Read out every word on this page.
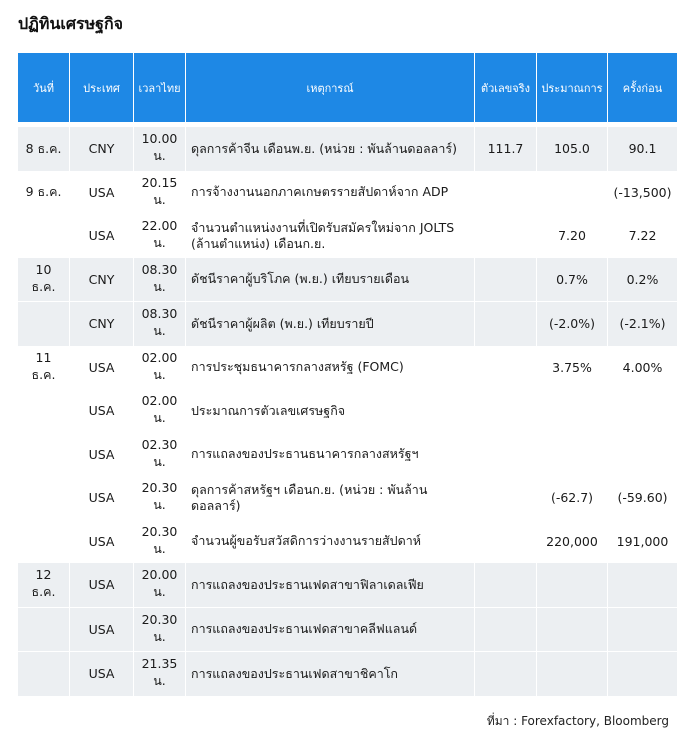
ปฏิทินเศรษฐกิจ
วันที่	ประเทศ	เวลาไทย	เหตุการณ์	ตัวเลขจริง	ประมาณการ	ครั้งก่อน

8 ธ.ค.	CNY	10.00 น.	ดุลการค้าจีน เดือนพ.ย. (หน่วย : พันล้านดอลลาร์)	111.7	105.0	90.1
9 ธ.ค.	USA	20.15 น.	การจ้างงานนอกภาคเกษตรรายสัปดาห์จาก ADP			(-13,500)
	USA	22.00 น.	จำนวนตำแหน่งงานที่เปิดรับสมัครใหม่จาก JOLTS (ล้านตำแหน่ง) เดือนก.ย.		7.20	7.22
10 ธ.ค.	CNY	08.30 น.	ดัชนีราคาผู้บริโภค (พ.ย.) เทียบรายเดือน		0.7%	0.2%
	CNY	08.30 น.	ดัชนีราคาผู้ผลิต (พ.ย.) เทียบรายปี		(-2.0%)	(-2.1%)
11 ธ.ค.	USA	02.00 น.	การประชุมธนาคารกลางสหรัฐ (FOMC)		3.75%	4.00%
	USA	02.00 น.	ประมาณการตัวเลขเศรษฐกิจ			
	USA	02.30 น.	การแถลงของประธานธนาคารกลางสหรัฐฯ			
	USA	20.30 น.	ดุลการค้าสหรัฐฯ เดือนก.ย. (หน่วย : พันล้านดอลลาร์)		(-62.7)	(-59.60)
	USA	20.30 น.	จำนวนผู้ขอรับสวัสดิการว่างงานรายสัปดาห์		220,000	191,000
12 ธ.ค.	USA	20.00 น.	การแถลงของประธานเฟดสาขาฟิลาเดลเฟีย			
	USA	20.30 น.	การแถลงของประธานเฟดสาขาคลีฟแลนด์			
	USA	21.35 น.	การแถลงของประธานเฟดสาขาชิคาโก			
ที่มา : Forexfactory, Bloomberg
